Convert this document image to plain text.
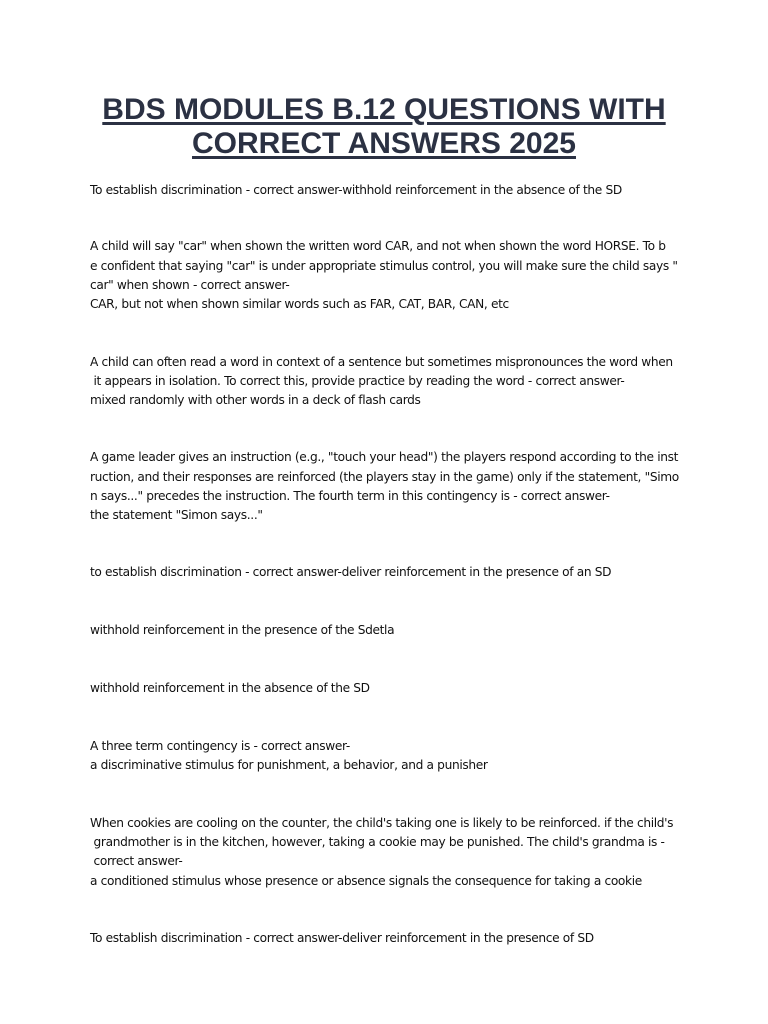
BDS MODULES B.12 QUESTIONS WITH
CORRECT ANSWERS 2025
To establish discrimination - correct answer-withhold reinforcement in the absence of the SD
A child will say "car" when shown the written word CAR, and not when shown the word HORSE. To b
e confident that saying "car" is under appropriate stimulus control, you will make sure the child says "
car" when shown - correct answer-
CAR, but not when shown similar words such as FAR, CAT, BAR, CAN, etc
A child can often read a word in context of a sentence but sometimes mispronounces the word when
it appears in isolation. To correct this, provide practice by reading the word - correct answer-
mixed randomly with other words in a deck of flash cards
A game leader gives an instruction (e.g., "touch your head") the players respond according to the inst
ruction, and their responses are reinforced (the players stay in the game) only if the statement, "Simo
n says..." precedes the instruction. The fourth term in this contingency is - correct answer-
the statement "Simon says..."
to establish discrimination - correct answer-deliver reinforcement in the presence of an SD
withhold reinforcement in the presence of the Sdetla
withhold reinforcement in the absence of the SD
A three term contingency is - correct answer-
a discriminative stimulus for punishment, a behavior, and a punisher
When cookies are cooling on the counter, the child's taking one is likely to be reinforced. if the child's
grandmother is in the kitchen, however, taking a cookie may be punished. The child's grandma is -
correct answer-
a conditioned stimulus whose presence or absence signals the consequence for taking a cookie
To establish discrimination - correct answer-deliver reinforcement in the presence of SD
